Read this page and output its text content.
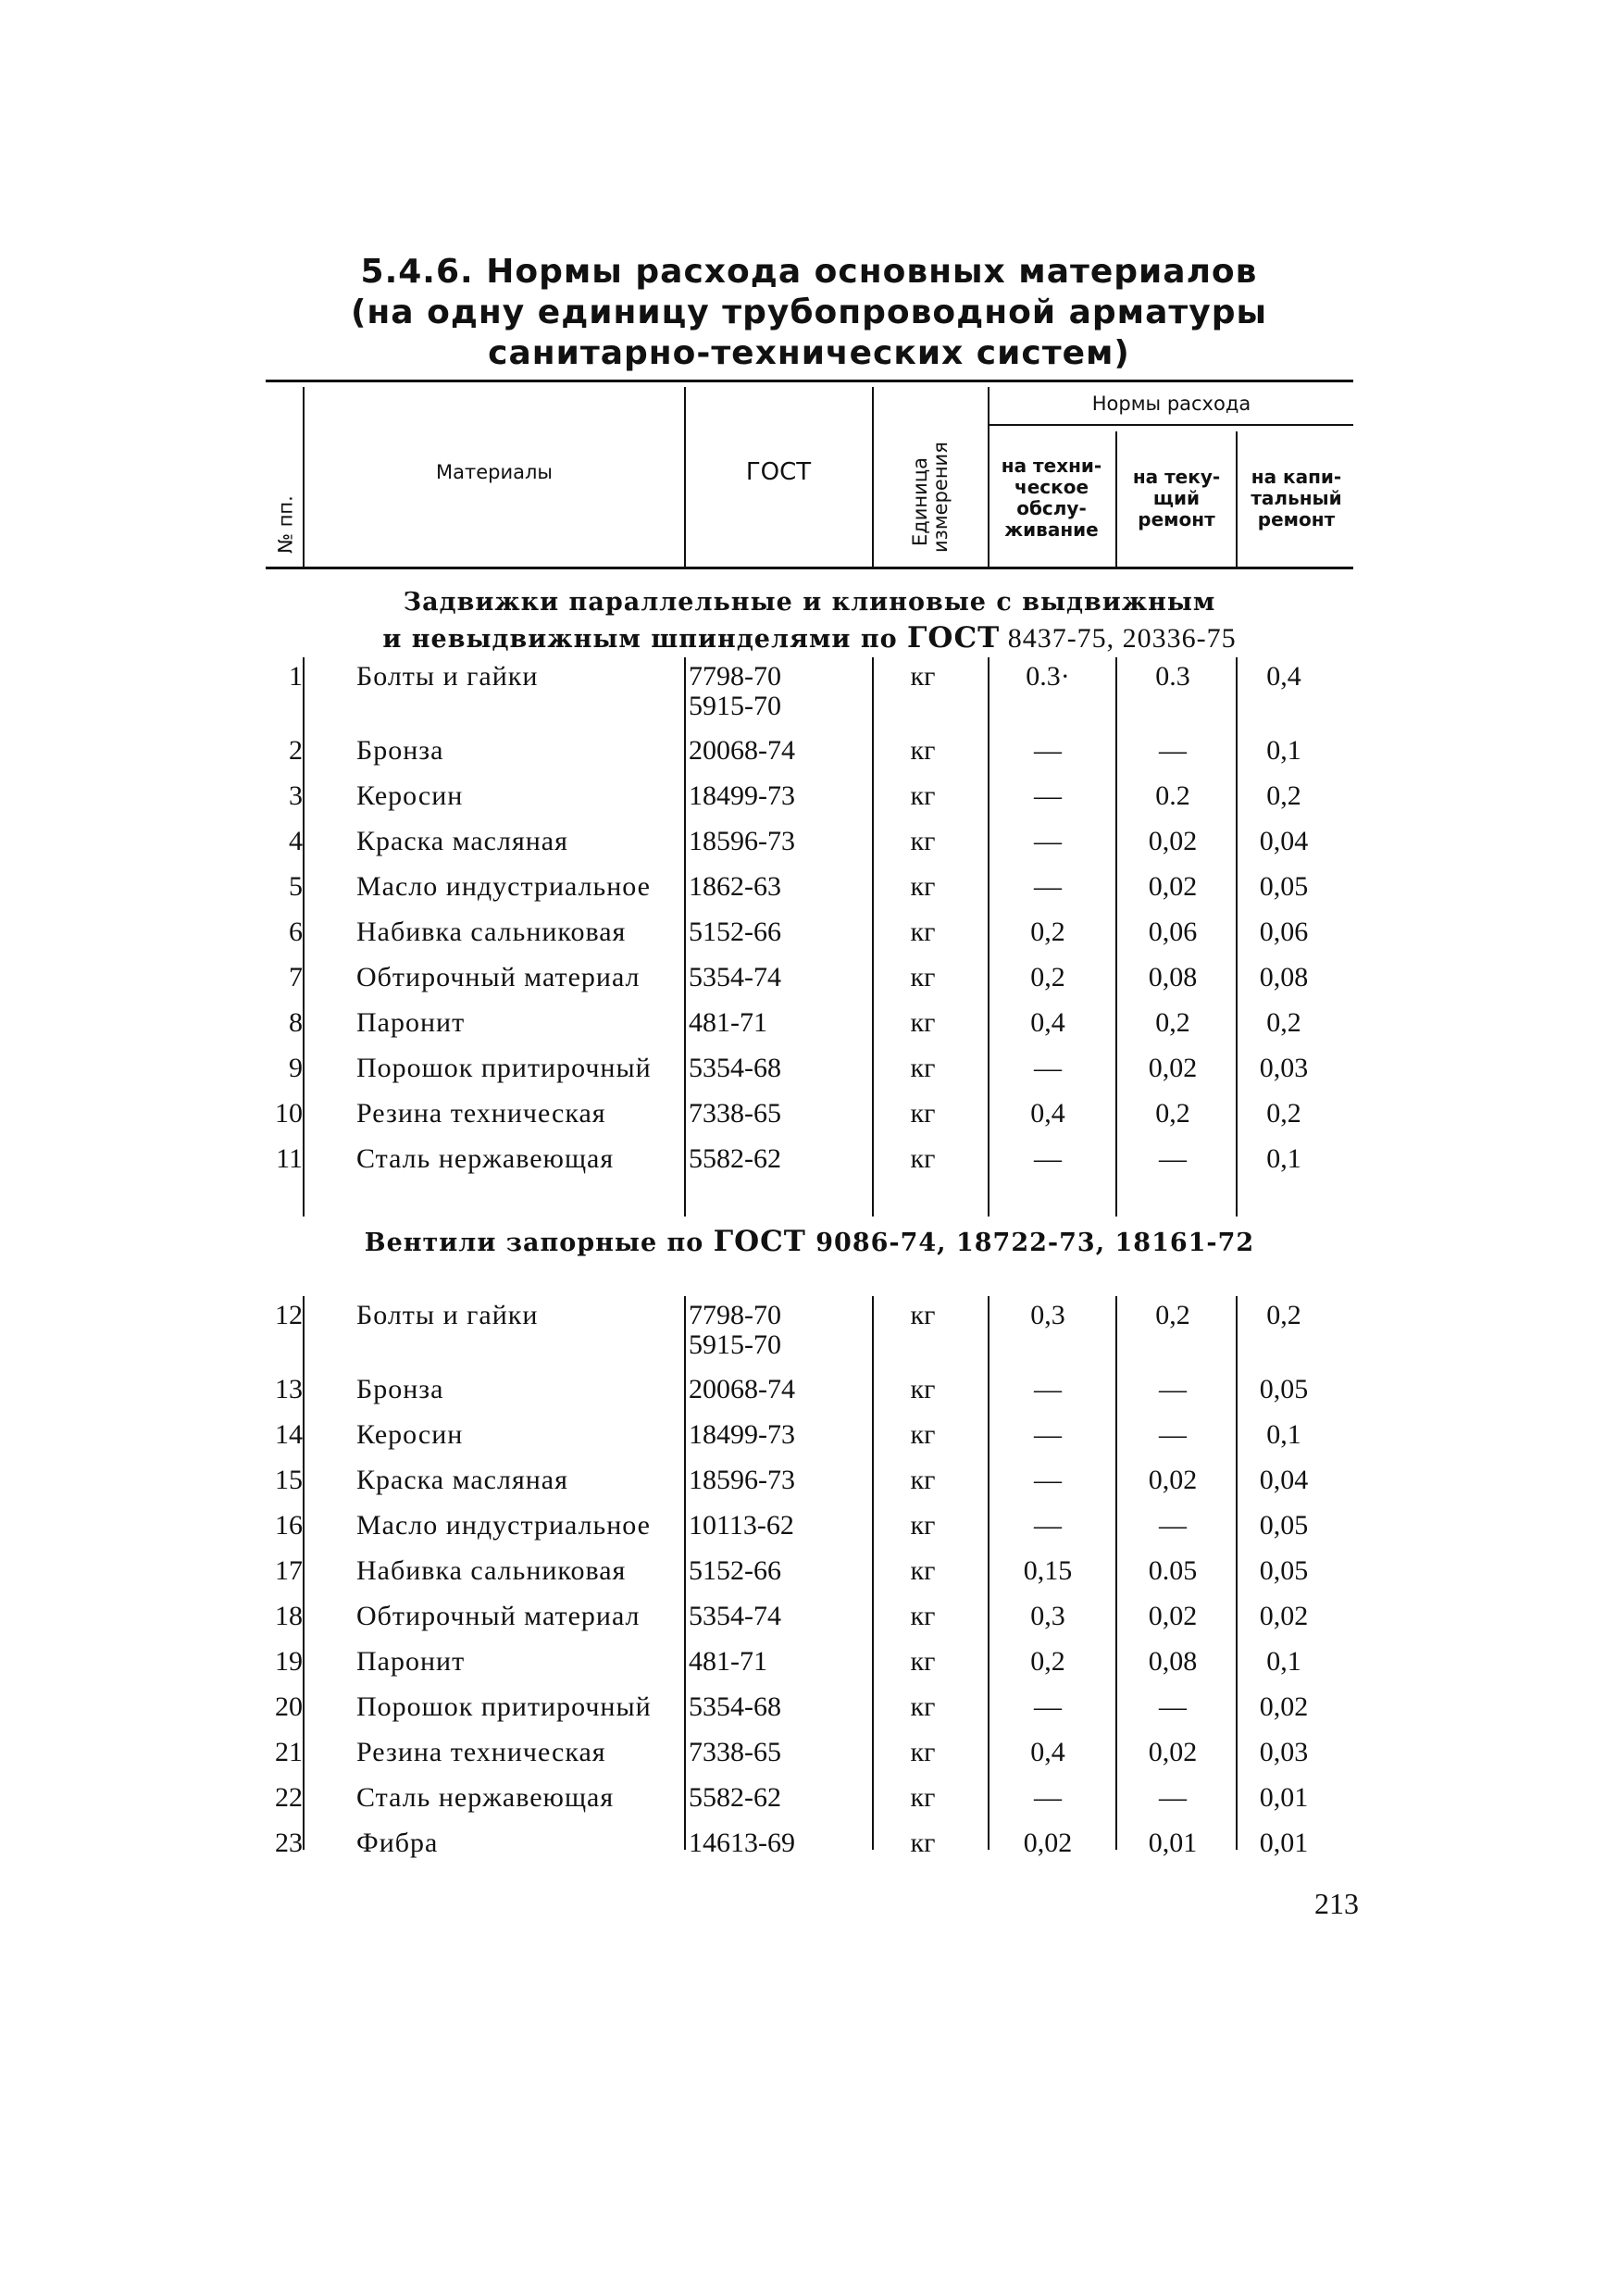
5.4.6. Нормы расхода основных материалов
(на одну единицу трубопроводной арматуры
санитарно-технических систем)
№ пп.
Материалы	ГОСТ	Единица измерения
Нормы расхода
на техни-ческое обслу-живание
на теку-щий ремонт
на капи-тальный ремонт
Задвижки параллельные и клиновые с выдвижным
и невыдвижным шпинделями по ГОСТ 8437-75, 20336-75
1 Болты и гайки	7798-70	кг	0.3·	0.3	0,4
5915-70
2 Бронза	20068-74	кг	—	—	0,1
3 Керосин	18499-73	кг	—	0.2	0,2
4 Краска масляная	18596-73	кг	—	0,02	0,04
5 Масло индустриальное 1862-63	кг	—	0,02	0,05
6 Набивка сальниковая 5152-66	кг	0,2	0,06	0,06
7 Обтирочный материал 5354-74	кг	0,2	0,08	0,08
8 Паронит	481-71	кг	0,4	0,2	0,2
9 Порошок притирочный 5354-68	кг	—	0,02	0,03
10 Резина техническая	7338-65	кг	0,4	0,2	0,2
11 Сталь нержавеющая	5582-62	кг	—	—	0,1
Вентили запорные по ГОСТ 9086-74, 18722-73, 18161-72
12 Болты и гайки	7798-70	кг	0,3	0,2	0,2
5915-70
13 Бронза	20068-74	кг	—	—	0,05
14 Керосин	18499-73	кг	—	—	0,1
15 Краска масляная	18596-73	кг	—	0,02	0,04
16 Масло индустриальное 10113-62	кг	—	—	0,05
17 Набивка сальниковая 5152-66	кг	0,15	0.05	0,05
18 Обтирочный материал 5354-74	кг	0,3	0,02	0,02
19 Паронит	481-71	кг	0,2	0,08	0,1
20 Порошок притирочный 5354-68	кг	—	—	0,02
21 Резина техническая	7338-65	кг	0,4	0,02	0,03
22 Сталь нержавеющая	5582-62	кг	—	—	0,01
23 Фибра	14613-69	кг	0,02	0,01	0,01
213
